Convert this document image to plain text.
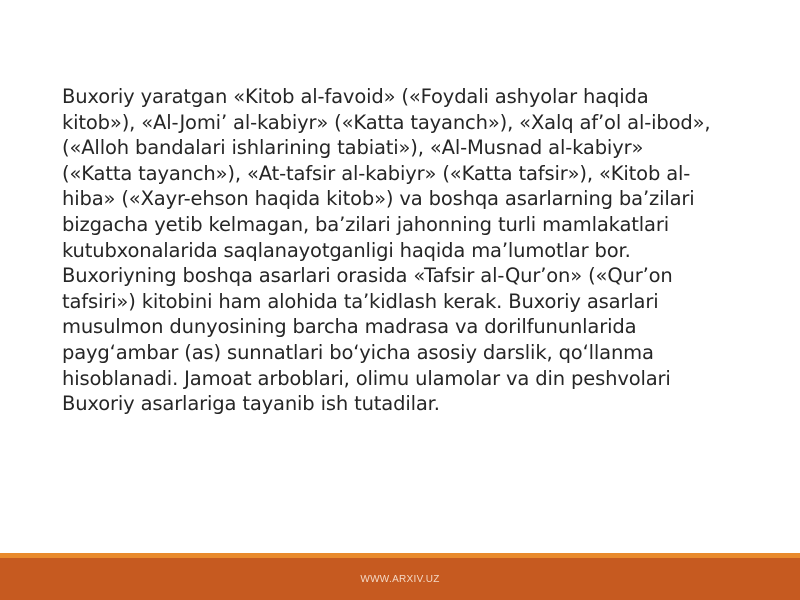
Buxoriy yaratgan «Kitob al-favoid» («Foydali ashyolar haqida
kitob»), «Al-Jomi’ al-kabiyr» («Katta tayanch»), «Xalq af’ol al-ibod»,
(«Alloh bandalari ishlarining tabiati»), «Al-Musnad al-kabiyr»
(«Katta tayanch»), «At-tafsir al-kabiyr» («Katta tafsir»), «Kitob al-
hiba» («Xayr-ehson haqida kitob») va boshqa asarlarning ba’zilari
bizgacha yetib kelmagan, ba’zilari jahonning turli mamlakatlari
kutubxonalarida saqlanayotganligi haqida ma’lumotlar bor.
Buxoriyning boshqa asarlari orasida «Tafsir al-Qur’on» («Qur’on
tafsiri») kitobini ham alohida ta’kidlash kerak. Buxoriy asarlari
musulmon dunyosining barcha madrasa va dorilfununlarida
payg‘ambar (as) sunnatlari bo‘yicha asosiy darslik, qo‘llanma
hisoblanadi. Jamoat arboblari, olimu ulamolar va din peshvolari
Buxoriy asarlariga tayanib ish tutadilar.

WWW.ARXIV.UZ
